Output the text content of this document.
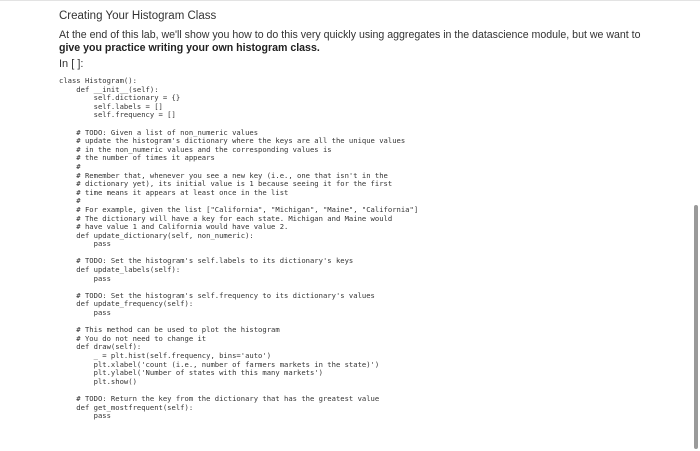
Creating Your Histogram Class

At the end of this lab, we'll show you how to do this very quickly using aggregates in the datascience module, but we want to give you practice writing your own histogram class.

In [ ]:
class Histogram():
def __init__(self):
self.dictionary = {}
self.labels = []
self.frequency = []

# TODO: Given a list of non_numeric values
# update the histogram's dictionary where the keys are all the unique values
# in the non_numeric values and the corresponding values is
# the number of times it appears
#
# Remember that, whenever you see a new key (i.e., one that isn't in the
# dictionary yet), its initial value is 1 because seeing it for the first
# time means it appears at least once in the list
#
# For example, given the list ["California", "Michigan", "Maine", "California"]
# The dictionary will have a key for each state. Michigan and Maine would
# have value 1 and California would have value 2.
def update_dictionary(self, non_numeric):
pass

# TODO: Set the histogram's self.labels to its dictionary's keys
def update_labels(self):
pass

# TODO: Set the histogram's self.frequency to its dictionary's values
def update_frequency(self):
pass

# This method can be used to plot the histogram
# You do not need to change it
def draw(self):
_ = plt.hist(self.frequency, bins='auto')
plt.xlabel('count (i.e., number of farmers markets in the state)')
plt.ylabel('Number of states with this many markets')
plt.show()

# TODO: Return the key from the dictionary that has the greatest value
def get_mostfrequent(self):
pass
